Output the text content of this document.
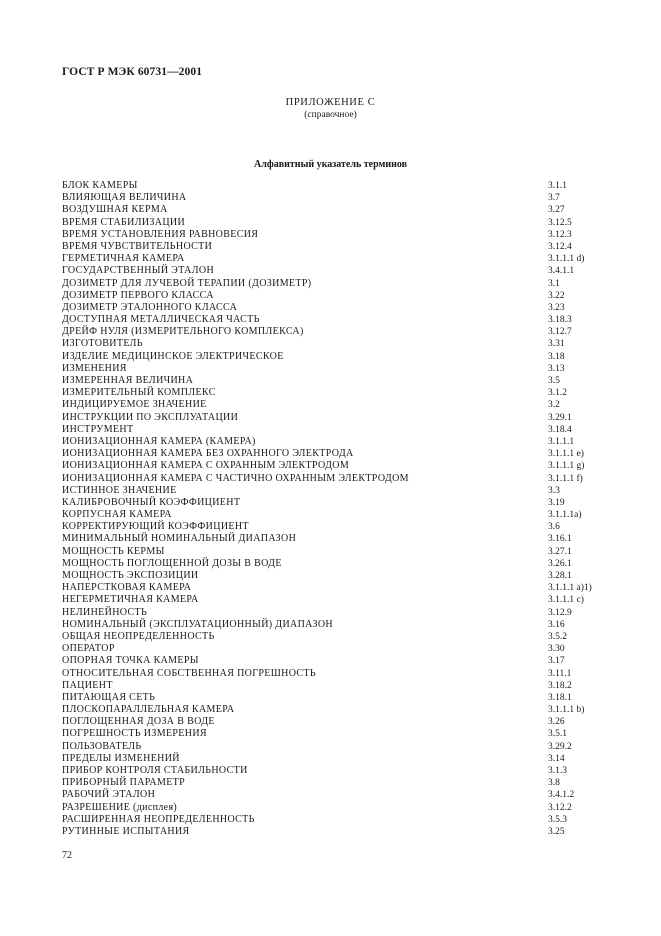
ГОСТ Р МЭК 60731—2001
ПРИЛОЖЕНИЕ С
(справочное)
Алфавитный указатель терминов
БЛОК КАМЕРЫ	3.1.1
ВЛИЯЮЩАЯ ВЕЛИЧИНА	3.7
ВОЗДУШНАЯ КЕРМА	3.27
ВРЕМЯ СТАБИЛИЗАЦИИ	3.12.5
ВРЕМЯ УСТАНОВЛЕНИЯ РАВНОВЕСИЯ	3.12.3
ВРЕМЯ ЧУВСТВИТЕЛЬНОСТИ	3.12.4
ГЕРМЕТИЧНАЯ КАМЕРА	3.1.1.1 d)
ГОСУДАРСТВЕННЫЙ ЭТАЛОН	3.4.1.1
ДОЗИМЕТР ДЛЯ ЛУЧЕВОЙ ТЕРАПИИ (ДОЗИМЕТР)	3.1
ДОЗИМЕТР ПЕРВОГО КЛАССА	3.22
ДОЗИМЕТР ЭТАЛОННОГО КЛАССА	3.23
ДОСТУПНАЯ МЕТАЛЛИЧЕСКАЯ ЧАСТЬ	3.18.3
ДРЕЙФ НУЛЯ (ИЗМЕРИТЕЛЬНОГО КОМПЛЕКСА)	3.12.7
ИЗГОТОВИТЕЛЬ	3.31
ИЗДЕЛИЕ МЕДИЦИНСКОЕ ЭЛЕКТРИЧЕСКОЕ	3.18
ИЗМЕНЕНИЯ	3.13
ИЗМЕРЕННАЯ ВЕЛИЧИНА	3.5
ИЗМЕРИТЕЛЬНЫЙ КОМПЛЕКС	3.1.2
ИНДИЦИРУЕМОЕ ЗНАЧЕНИЕ	3.2
ИНСТРУКЦИИ ПО ЭКСПЛУАТАЦИИ	3.29.1
ИНСТРУМЕНТ	3.18.4
ИОНИЗАЦИОННАЯ КАМЕРА (КАМЕРА)	3.1.1.1
ИОНИЗАЦИОННАЯ КАМЕРА БЕЗ ОХРАННОГО ЭЛЕКТРОДА	3.1.1.1 e)
ИОНИЗАЦИОННАЯ КАМЕРА С ОХРАННЫМ ЭЛЕКТРОДОМ	3.1.1.1 g)
ИОНИЗАЦИОННАЯ КАМЕРА С ЧАСТИЧНО ОХРАННЫМ ЭЛЕКТРОДОМ	3.1.1.1 f)
ИСТИННОЕ ЗНАЧЕНИЕ	3.3
КАЛИБРОВОЧНЫЙ КОЭФФИЦИЕНТ	3.19
КОРПУСНАЯ КАМЕРА	3.1.1.1a)
КОРРЕКТИРУЮЩИЙ КОЭФФИЦИЕНТ	3.6
МИНИМАЛЬНЫЙ НОМИНАЛЬНЫЙ ДИАПАЗОН	3.16.1
МОЩНОСТЬ КЕРМЫ	3.27.1
МОЩНОСТЬ ПОГЛОЩЕННОЙ ДОЗЫ В ВОДЕ	3.26.1
МОЩНОСТЬ ЭКСПОЗИЦИИ	3.28.1
НАПЕРСТКОВАЯ КАМЕРА	3.1.1.1 a)1)
НЕГЕРМЕТИЧНАЯ КАМЕРА	3.1.1.1 c)
НЕЛИНЕЙНОСТЬ	3.12.9
НОМИНАЛЬНЫЙ (ЭКСПЛУАТАЦИОННЫЙ) ДИАПАЗОН	3.16
ОБЩАЯ НЕОПРЕДЕЛЕННОСТЬ	3.5.2
ОПЕРАТОР	3.30
ОПОРНАЯ ТОЧКА КАМЕРЫ	3.17
ОТНОСИТЕЛЬНАЯ СОБСТВЕННАЯ ПОГРЕШНОСТЬ	3.11.1
ПАЦИЕНТ	3.18.2
ПИТАЮЩАЯ СЕТЬ	3.18.1
ПЛОСКОПАРАЛЛЕЛЬНАЯ КАМЕРА	3.1.1.1 b)
ПОГЛОЩЕННАЯ ДОЗА В ВОДЕ	3.26
ПОГРЕШНОСТЬ ИЗМЕРЕНИЯ	3.5.1
ПОЛЬЗОВАТЕЛЬ	3.29.2
ПРЕДЕЛЫ ИЗМЕНЕНИЙ	3.14
ПРИБОР КОНТРОЛЯ СТАБИЛЬНОСТИ	3.1.3
ПРИБОРНЫЙ ПАРАМЕТР	3.8
РАБОЧИЙ ЭТАЛОН	3.4.1.2
РАЗРЕШЕНИЕ (дисплея)	3.12.2
РАСШИРЕННАЯ НЕОПРЕДЕЛЕННОСТЬ	3.5.3
РУТИННЫЕ ИСПЫТАНИЯ	3.25
72
